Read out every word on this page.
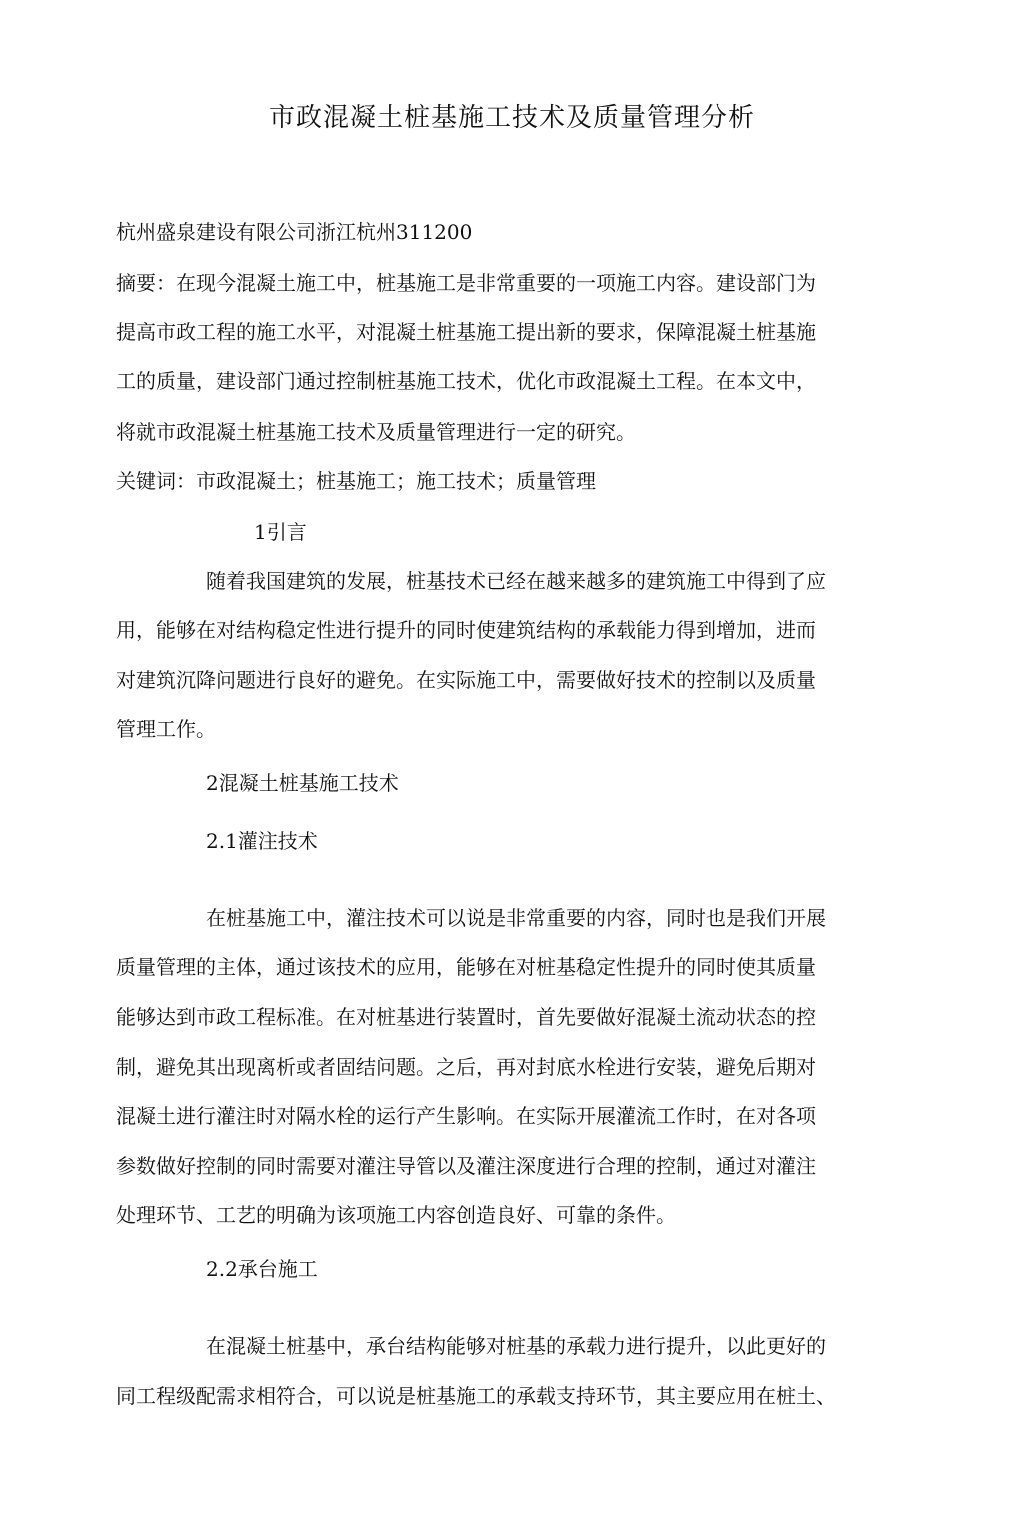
市政混凝土桩基施工技术及质量管理分析
杭州盛泉建设有限公司浙江杭州311200
摘要：在现今混凝土施工中，桩基施工是非常重要的一项施工内容。建设部门为
提高市政工程的施工水平，对混凝土桩基施工提出新的要求，保障混凝土桩基施
工的质量，建设部门通过控制桩基施工技术，优化市政混凝土工程。在本文中，
将就市政混凝土桩基施工技术及质量管理进行一定的研究。
关键词：市政混凝土；桩基施工；施工技术；质量管理
1引言
随着我国建筑的发展，桩基技术已经在越来越多的建筑施工中得到了应
用，能够在对结构稳定性进行提升的同时使建筑结构的承载能力得到增加，进而
对建筑沉降问题进行良好的避免。在实际施工中，需要做好技术的控制以及质量
管理工作。
2混凝土桩基施工技术
2.1灌注技术
在桩基施工中，灌注技术可以说是非常重要的内容，同时也是我们开展
质量管理的主体，通过该技术的应用，能够在对桩基稳定性提升的同时使其质量
能够达到市政工程标准。在对桩基进行装置时，首先要做好混凝土流动状态的控
制，避免其出现离析或者固结问题。之后，再对封底水栓进行安装，避免后期对
混凝土进行灌注时对隔水栓的运行产生影响。在实际开展灌流工作时，在对各项
参数做好控制的同时需要对灌注导管以及灌注深度进行合理的控制，通过对灌注
处理环节、工艺的明确为该项施工内容创造良好、可靠的条件。
2.2承台施工
在混凝土桩基中，承台结构能够对桩基的承载力进行提升，以此更好的
同工程级配需求相符合，可以说是桩基施工的承载支持环节，其主要应用在桩土、
